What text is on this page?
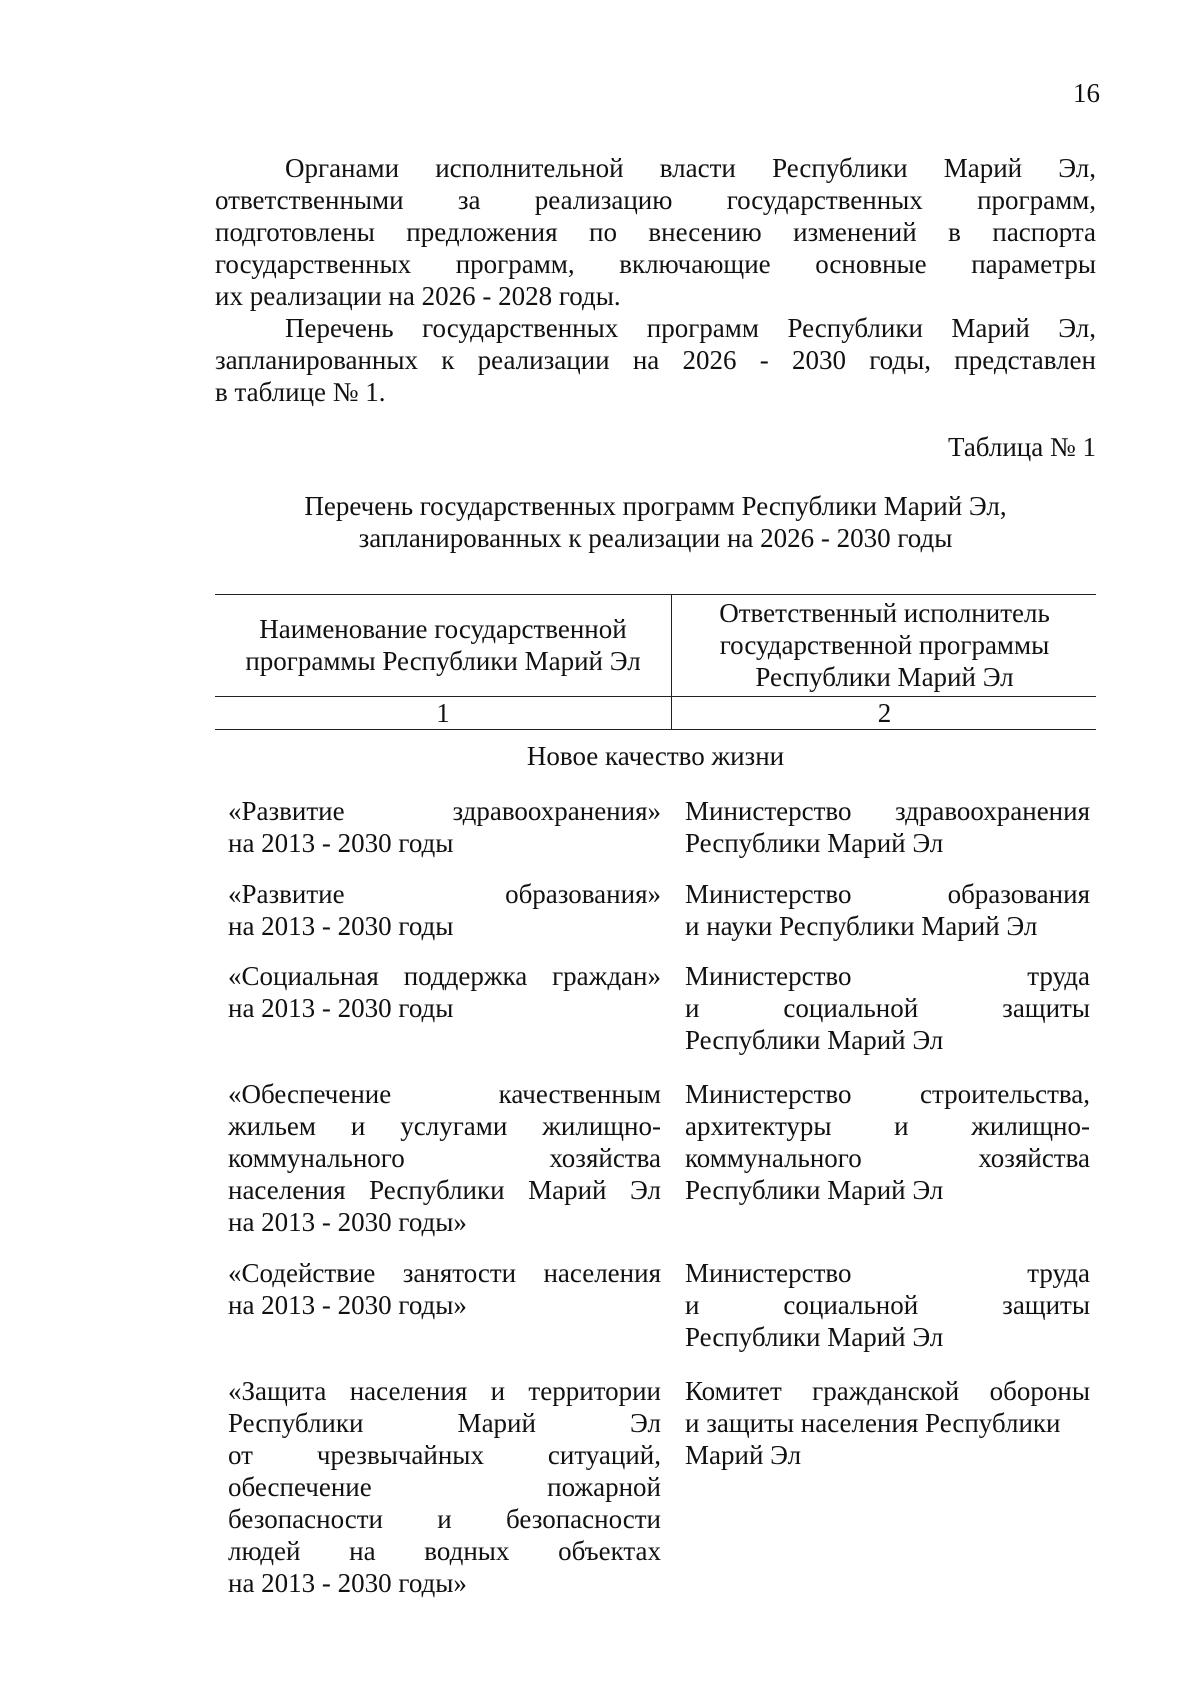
16
Органами исполнительной власти Республики Марий Эл,
ответственными за реализацию государственных программ,
подготовлены предложения по внесению изменений в паспорта
государственных программ, включающие основные параметры
их реализации на 2026 - 2028 годы.
Перечень государственных программ Республики Марий Эл,
запланированных к реализации на 2026 - 2030 годы, представлен
в таблице № 1.
Таблица № 1
Перечень государственных программ Республики Марий Эл,
запланированных к реализации на 2026 - 2030 годы
Наименование государственной
программы Республики Марий Эл
Ответственный исполнитель
государственной программы
Республики Марий Эл
1	2
Новое качество жизни
«Развитие здравоохранения»
на 2013 - 2030 годы
Министерство здравоохранения
Республики Марий Эл
«Развитие образования»
на 2013 - 2030 годы
Министерство образования
и науки Республики Марий Эл
«Социальная поддержка граждан»
на 2013 - 2030 годы
Министерство труда
и социальной защиты
Республики Марий Эл
«Обеспечение качественным
жильем и услугами жилищно-
коммунального хозяйства
населения Республики Марий Эл
на 2013 - 2030 годы»
Министерство строительства,
архитектуры и жилищно-
коммунального хозяйства
Республики Марий Эл
«Содействие занятости населения
на 2013 - 2030 годы»
Министерство труда
и социальной защиты
Республики Марий Эл
«Защита населения и территории
Республики Марий Эл
от чрезвычайных ситуаций,
обеспечение пожарной
безопасности и безопасности
людей на водных объектах
на 2013 - 2030 годы»
Комитет гражданской обороны
и защиты населения Республики
Марий Эл
